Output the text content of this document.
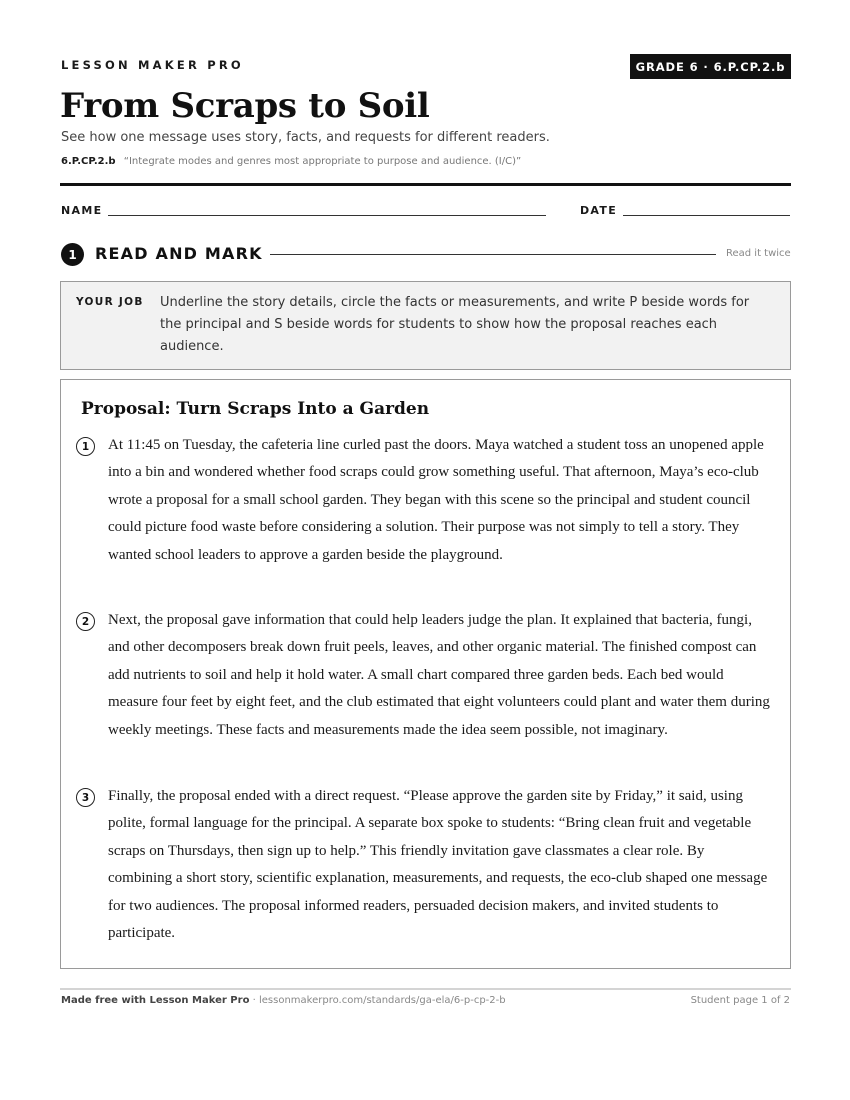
LESSON MAKER PRO	GRADE 6 · 6.P.CP.2.b
From Scraps to Soil
See how one message uses story, facts, and requests for different readers.
6.P.CP.2.b “Integrate modes and genres most appropriate to purpose and audience. (I/C)”
NAME	DATE
1	READ AND MARK	Read it twice
YOUR JOB Underline the story details, circle the facts or measurements, and write P beside words for the principal and S beside words for students to show how the proposal reaches each audience.
Proposal: Turn Scraps Into a Garden
1	At 11:45 on Tuesday, the cafeteria line curled past the doors. Maya watched a student toss an unopened apple into a bin and wondered whether food scraps could grow something useful. That afternoon, Maya’s eco-club wrote a proposal for a small school garden. They began with this scene so the principal and student council could picture food waste before considering a solution. Their purpose was not simply to tell a story. They wanted school leaders to approve a garden beside the playground.
2	Next, the proposal gave information that could help leaders judge the plan. It explained that bacteria, fungi, and other decomposers break down fruit peels, leaves, and other organic material. The finished compost can add nutrients to soil and help it hold water. A small chart compared three garden beds. Each bed would measure four feet by eight feet, and the club estimated that eight volunteers could plant and water them during weekly meetings. These facts and measurements made the idea seem possible, not imaginary.
3	Finally, the proposal ended with a direct request. “Please approve the garden site by Friday,” it said, using polite, formal language for the principal. A separate box spoke to students: “Bring clean fruit and vegetable scraps on Thursdays, then sign up to help.” This friendly invitation gave classmates a clear role. By combining a short story, scientific explanation, measurements, and requests, the eco-club shaped one message for two audiences. The proposal informed readers, persuaded decision makers, and invited students to participate.
Made free with Lesson Maker Pro · lessonmakerpro.com/standards/ga-ela/6-p-cp-2-b	Student page 1 of 2
